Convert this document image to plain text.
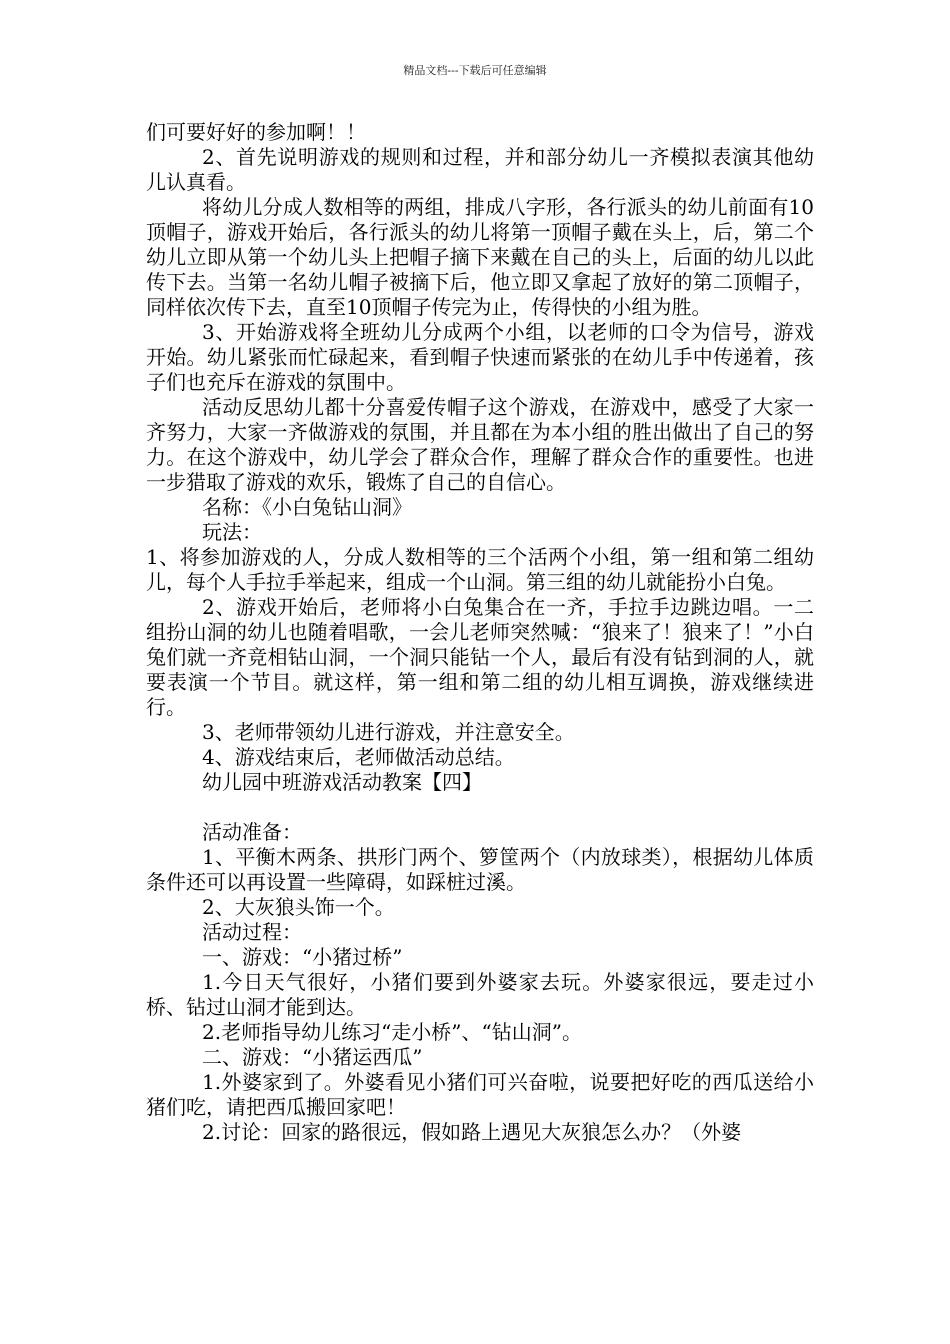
精品文档---下载后可任意编辑

们可要好好的参加啊！！

2、首先说明游戏的规则和过程，并和部分幼儿一齐模拟表演其他幼儿认真看。

将幼儿分成人数相等的两组，排成八字形，各行派头的幼儿前面有10顶帽子，游戏开始后，各行派头的幼儿将第一顶帽子戴在头上，后，第二个幼儿立即从第一个幼儿头上把帽子摘下来戴在自己的头上，后面的幼儿以此传下去。当第一名幼儿帽子被摘下后，他立即又拿起了放好的第二顶帽子，同样依次传下去，直至10顶帽子传完为止，传得快的小组为胜。

3、开始游戏将全班幼儿分成两个小组，以老师的口令为信号，游戏开始。幼儿紧张而忙碌起来，看到帽子快速而紧张的在幼儿手中传递着，孩子们也充斥在游戏的氛围中。

活动反思幼儿都十分喜爱传帽子这个游戏，在游戏中，感受了大家一齐努力，大家一齐做游戏的氛围，并且都在为本小组的胜出做出了自己的努力。在这个游戏中，幼儿学会了群众合作，理解了群众合作的重要性。也进一步猎取了游戏的欢乐，锻炼了自己的自信心。

名称：《小白兔钻山洞》

玩法：

1、将参加游戏的人，分成人数相等的三个活两个小组，第一组和第二组幼儿，每个人手拉手举起来，组成一个山洞。第三组的幼儿就能扮小白兔。

2、游戏开始后，老师将小白兔集合在一齐，手拉手边跳边唱。一二组扮山洞的幼儿也随着唱歌，一会儿老师突然喊：“狼来了！狼来了！”小白兔们就一齐竞相钻山洞，一个洞只能钻一个人，最后有没有钻到洞的人，就要表演一个节目。就这样，第一组和第二组的幼儿相互调换，游戏继续进行。

3、老师带领幼儿进行游戏，并注意安全。

4、游戏结束后，老师做活动总结。

幼儿园中班游戏活动教案【四】

活动准备：

1、平衡木两条、拱形门两个、箩筐两个（内放球类），根据幼儿体质条件还可以再设置一些障碍，如踩桩过溪。

2、大灰狼头饰一个。

活动过程：

一、游戏：“小猪过桥”

1.今日天气很好，小猪们要到外婆家去玩。外婆家很远，要走过小桥、钻过山洞才能到达。

2.老师指导幼儿练习“走小桥”、“钻山洞”。

二、游戏：“小猪运西瓜”

1.外婆家到了。外婆看见小猪们可兴奋啦，说要把好吃的西瓜送给小猪们吃，请把西瓜搬回家吧！

2.讨论：回家的路很远，假如路上遇见大灰狼怎么办？（外婆
